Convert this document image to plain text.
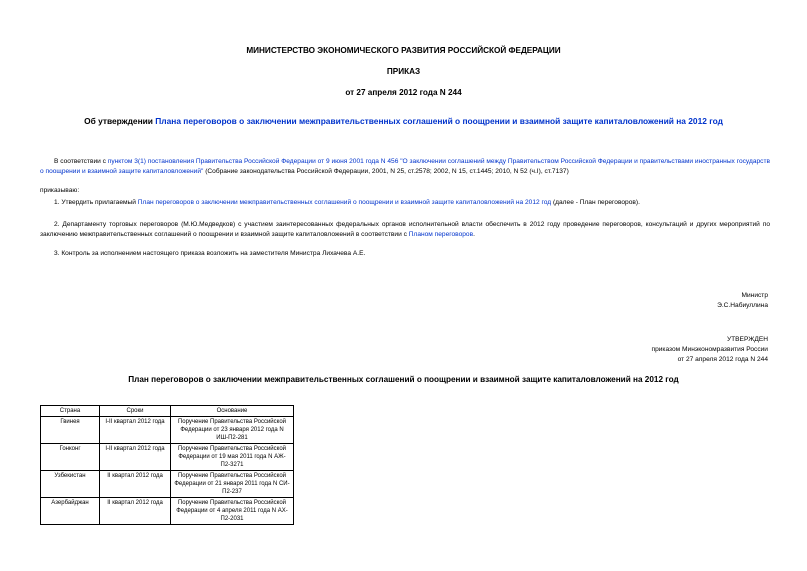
МИНИСТЕРСТВО ЭКОНОМИЧЕСКОГО РАЗВИТИЯ РОССИЙСКОЙ ФЕДЕРАЦИИ
ПРИКАЗ
от 27 апреля 2012 года N 244
Об утверждении Плана переговоров о заключении межправительственных соглашений о поощрении и взаимной защите капиталовложений на 2012 год
В соответствии с пунктом 3(1) постановления Правительства Российской Федерации от 9 июня 2001 года N 456 "О заключении соглашений между Правительством Российской Федерации и правительствами иностранных государств о поощрении и взаимной защите капиталовложений" (Собрание законодательства Российской Федерации, 2001, N 25, ст.2578; 2002, N 15, ст.1445; 2010, N 52 (ч.I), ст.7137)
приказываю:
1. Утвердить прилагаемый План переговоров о заключении межправительственных соглашений о поощрении и взаимной защите капиталовложений на 2012 год (далее - План переговоров).
2. Департаменту торговых переговоров (М.Ю.Медведков) с участием заинтересованных федеральных органов исполнительной власти обеспечить в 2012 году проведение переговоров, консультаций и других мероприятий по заключению межправительственных соглашений о поощрении и взаимной защите капиталовложений в соответствии с Планом переговоров.
3. Контроль за исполнением настоящего приказа возложить на заместителя Министра Лихачева А.Е.
Министр
Э.С.Набиуллина
УТВЕРЖДЕН
приказом Минэкономразвития России
от 27 апреля 2012 года N 244
План переговоров о заключении межправительственных соглашений о поощрении и взаимной защите капиталовложений на 2012 год
Страна	Сроки	Основание
Гвинея	I-II квартал 2012 года	Поручение Правительства Российской Федерации от 23 января 2012 года N ИШ-П2-281
Гонконг	I-II квартал 2012 года	Поручение Правительства Российской Федерации от 19 мая 2011 года N АЖ-П2-3271
Узбекистан	II квартал 2012 года	Поручение Правительства Российской Федерации от 21 января 2011 года N СИ-П2-237
Азербайджан	II квартал 2012 года	Поручение Правительства Российской Федерации от 4 апреля 2011 года N АХ-П2-2031
